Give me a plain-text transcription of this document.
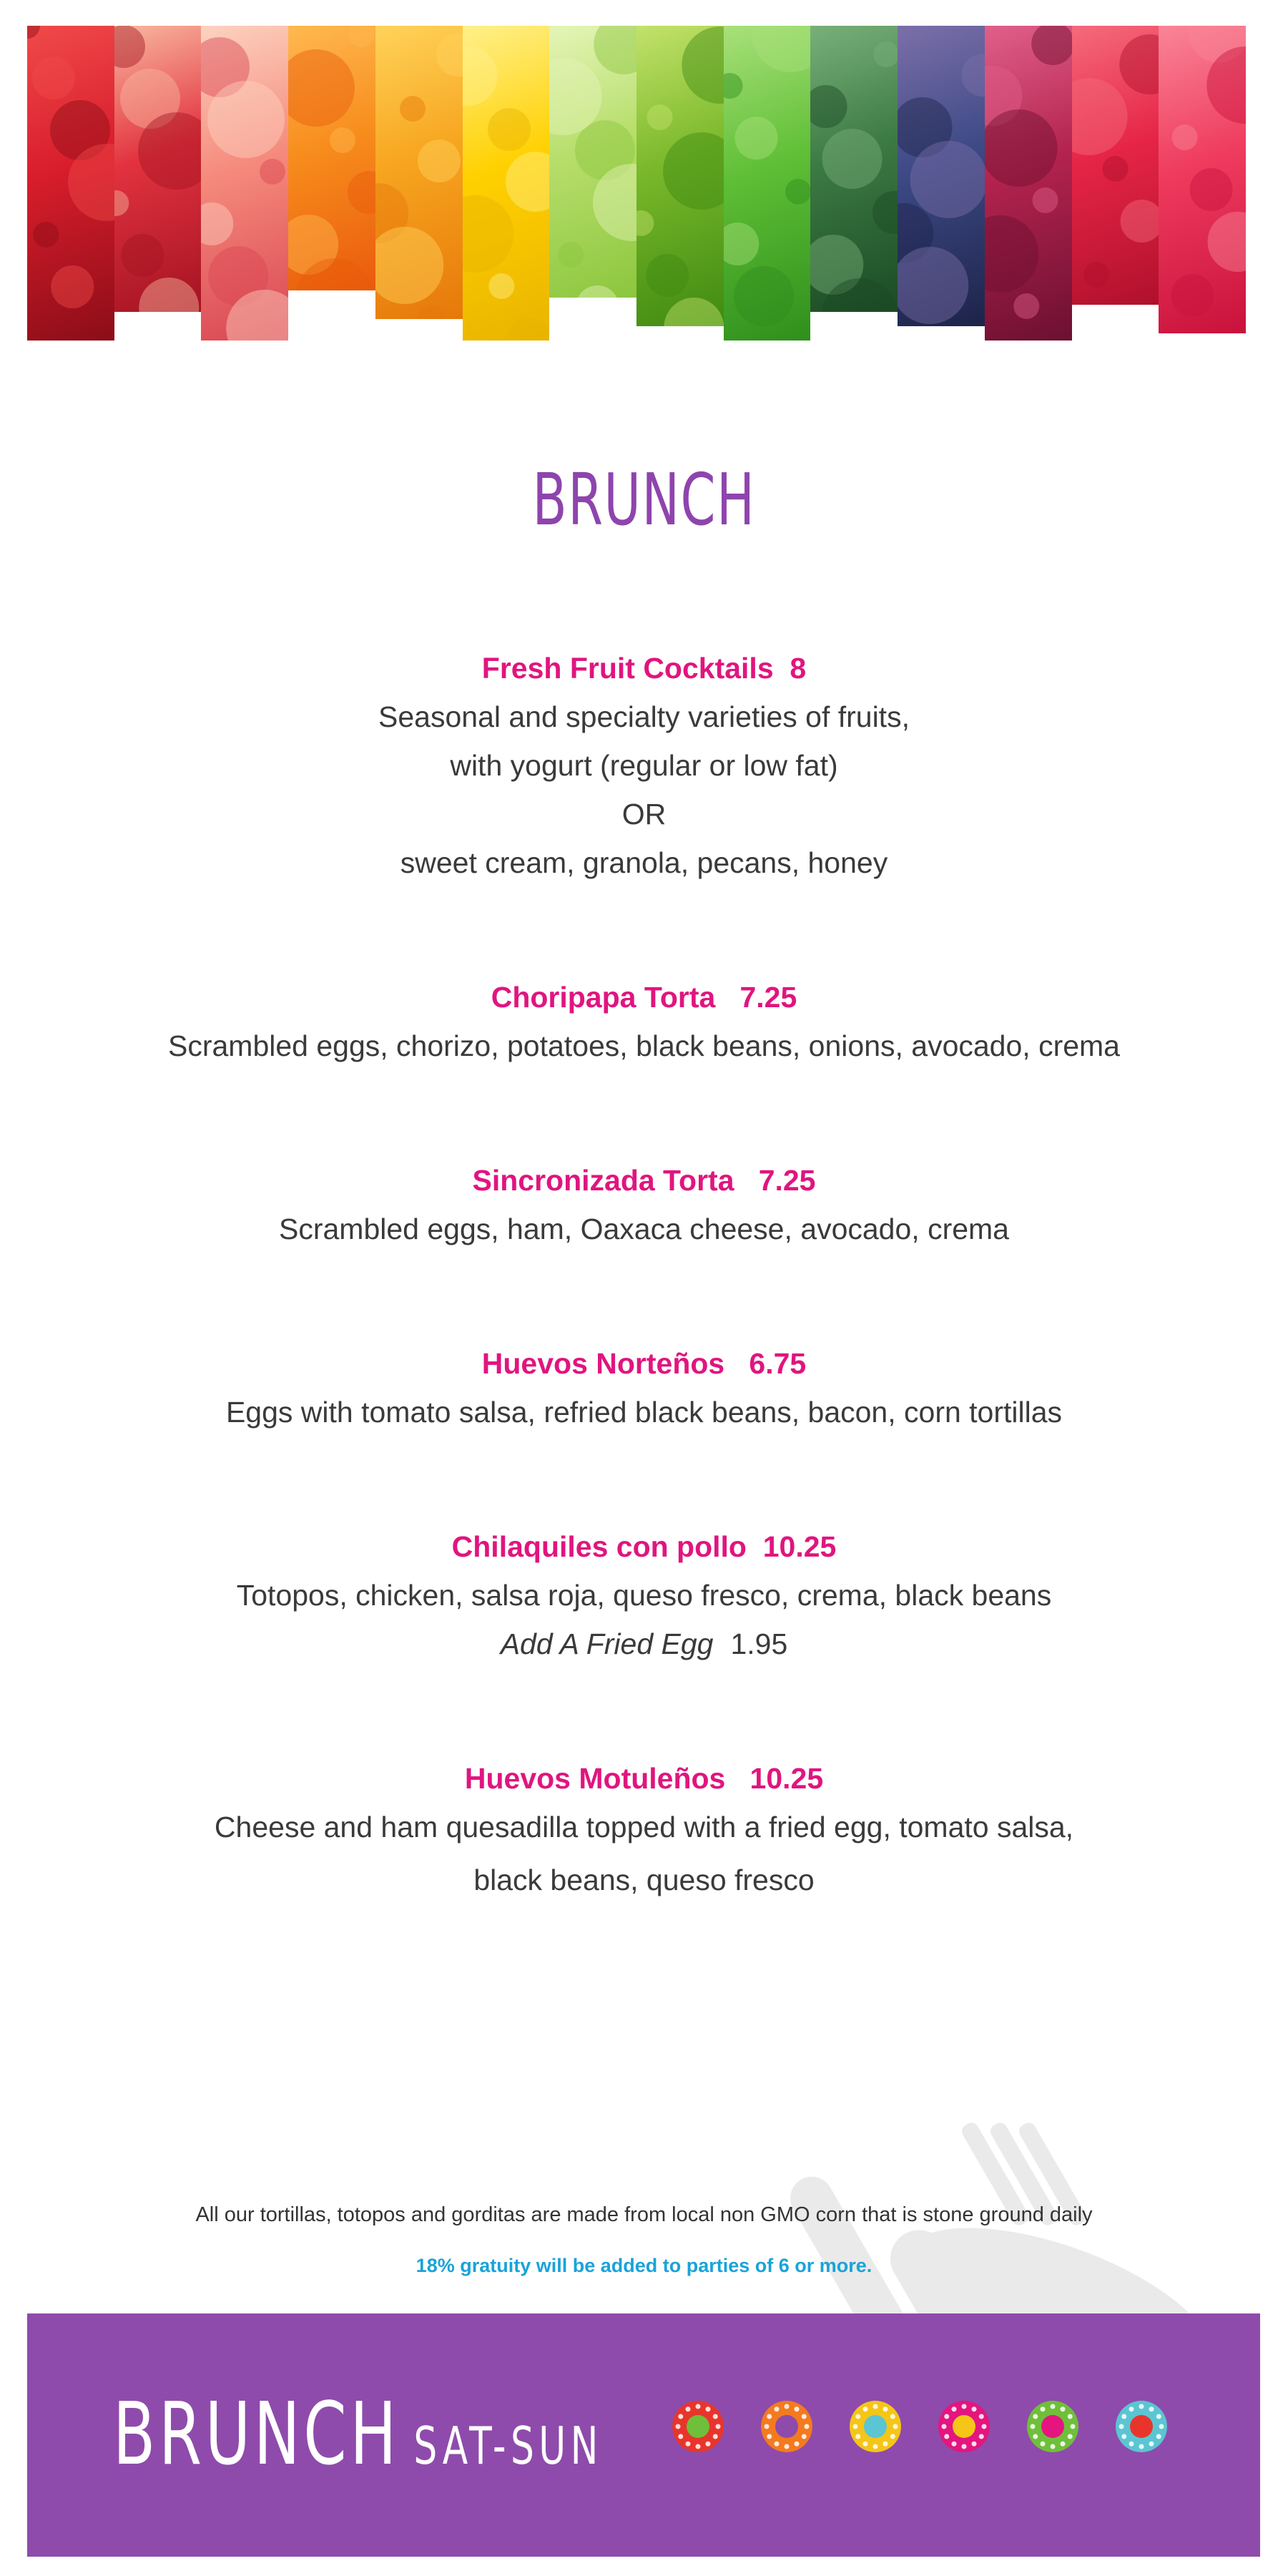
BRUNCH
Fresh Fruit Cocktails  8
Seasonal and specialty varieties of fruits,
with yogurt (regular or low fat)
OR
sweet cream, granola, pecans, honey
Choripapa Torta   7.25
Scrambled eggs, chorizo, potatoes, black beans, onions, avocado, crema
Sincronizada Torta   7.25
Scrambled eggs, ham, Oaxaca cheese, avocado, crema
Huevos Norteños   6.75
Eggs with tomato salsa, refried black beans, bacon, corn tortillas
Chilaquiles con pollo  10.25
Totopos, chicken, salsa roja, queso fresco, crema, black beans
Add A Fried Egg 1.95
Huevos Motuleños   10.25
Cheese and ham quesadilla topped with a fried egg, tomato salsa,
black beans, queso fresco
All our tortillas, totopos and gorditas are made from local non GMO corn that is stone ground daily
18% gratuity will be added to parties of 6 or more.
BRUNCH SAT-SUN
